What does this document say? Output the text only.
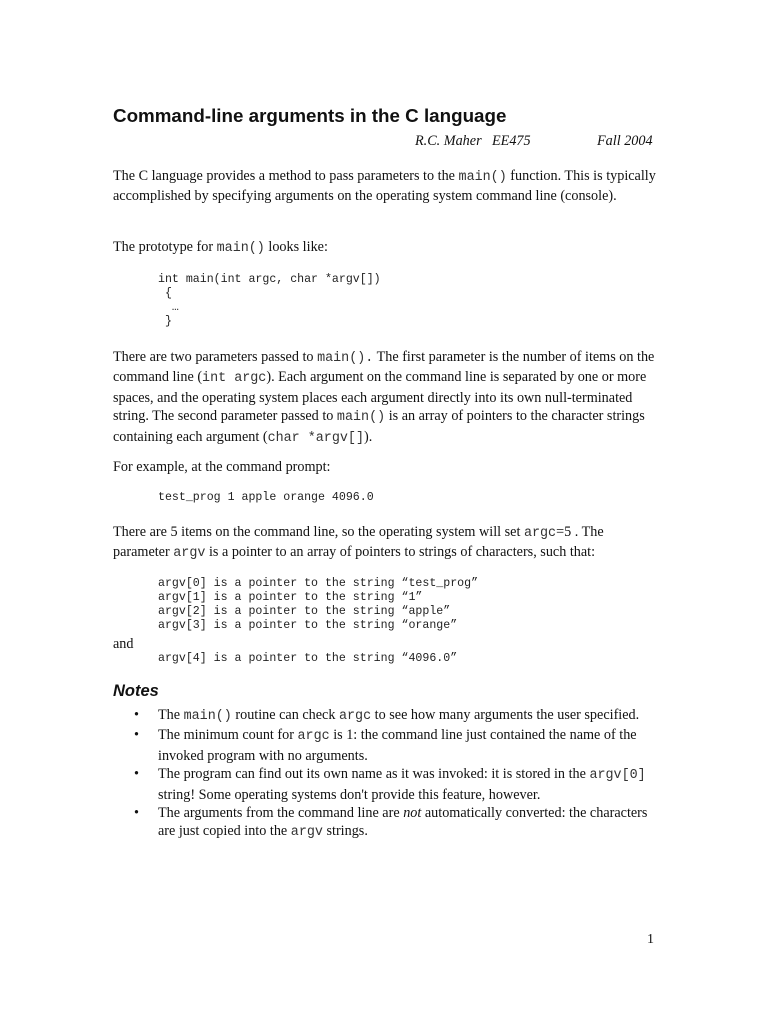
Command-line arguments in the C language
R.C. Maher EE475	Fall 2004
The C language provides a method to pass parameters to the main() function. This is typically accomplished by specifying arguments on the operating system command line (console).
The prototype for main() looks like:
int main(int argc, char *argv[])
{
…
}
There are two parameters passed to main(). The first parameter is the number of items on the command line (int argc). Each argument on the command line is separated by one or more spaces, and the operating system places each argument directly into its own null-terminated string. The second parameter passed to main() is an array of pointers to the character strings containing each argument (char *argv[]).
For example, at the command prompt:
test_prog 1 apple orange 4096.0
There are 5 items on the command line, so the operating system will set argc=5 . The parameter argv is a pointer to an array of pointers to strings of characters, such that:
argv[0] is a pointer to the string “test_prog”
argv[1] is a pointer to the string “1”
argv[2] is a pointer to the string “apple”
argv[3] is a pointer to the string “orange”
and
argv[4] is a pointer to the string “4096.0”
Notes
• The main() routine can check argc to see how many arguments the user specified.
• The minimum count for argc is 1: the command line just contained the name of the invoked program with no arguments.
• The program can find out its own name as it was invoked: it is stored in the argv[0] string! Some operating systems don't provide this feature, however.
• The arguments from the command line are not automatically converted: the characters are just copied into the argv strings.
1
